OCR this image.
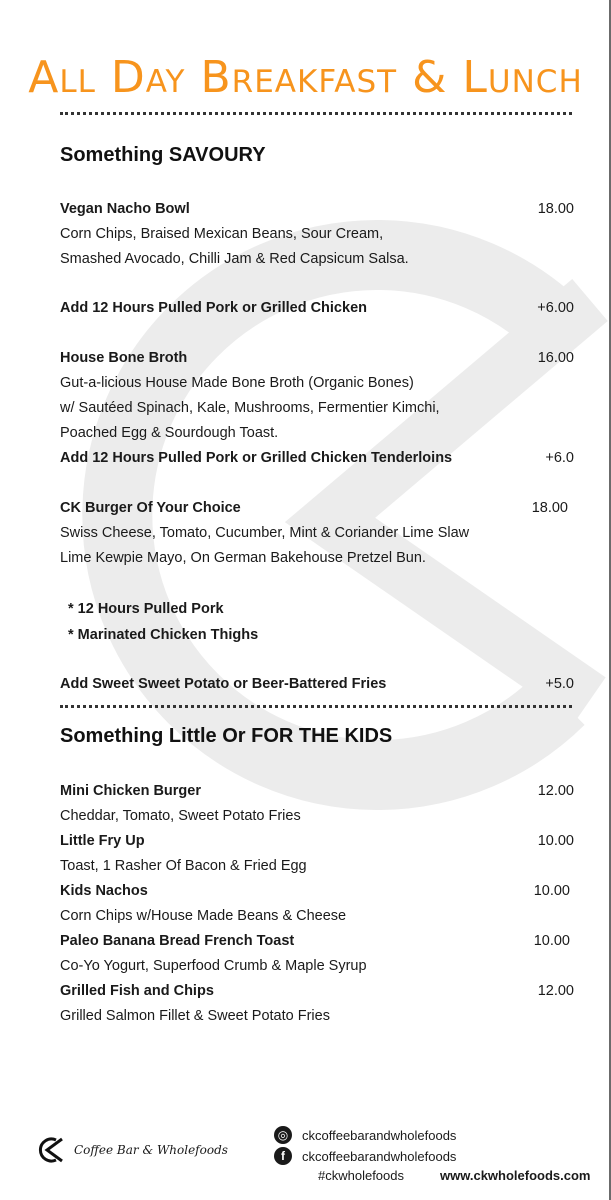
All Day Breakfast & Lunch
Something SAVOURY
Vegan Nacho Bowl	18.00
Corn Chips, Braised Mexican Beans, Sour Cream,
Smashed Avocado, Chilli Jam & Red Capsicum Salsa.
Add 12 Hours Pulled Pork or Grilled Chicken	+6.00
House Bone Broth	16.00
Gut-a-licious House Made Bone Broth (Organic Bones)
w/ Sautéed Spinach, Kale, Mushrooms, Fermentier Kimchi,
Poached Egg & Sourdough Toast.
Add 12 Hours Pulled Pork or Grilled Chicken Tenderloins	+6.0
CK Burger Of Your Choice	18.00
Swiss Cheese, Tomato, Cucumber, Mint & Coriander Lime Slaw
Lime Kewpie Mayo, On German Bakehouse Pretzel Bun.
* 12 Hours Pulled Pork
* Marinated Chicken Thighs
Add Sweet Sweet Potato or Beer-Battered Fries	+5.0
Something Little Or FOR THE KIDS
Mini Chicken Burger	12.00
Cheddar, Tomato, Sweet Potato Fries
Little Fry Up	10.00
Toast, 1 Rasher Of Bacon & Fried Egg
Kids Nachos	10.00
Corn Chips w/House Made Beans & Cheese
Paleo Banana Bread French Toast	10.00
Co-Yo Yogurt, Superfood Crumb & Maple Syrup
Grilled Fish and Chips	12.00
Grilled Salmon Fillet & Sweet Potato Fries
Coffee Bar & Wholefoods
◎ ckcoffeebarandwholefoods
f	ckcoffeebarandwholefoods
#ckwholefoods	www.ckwholefoods.com
